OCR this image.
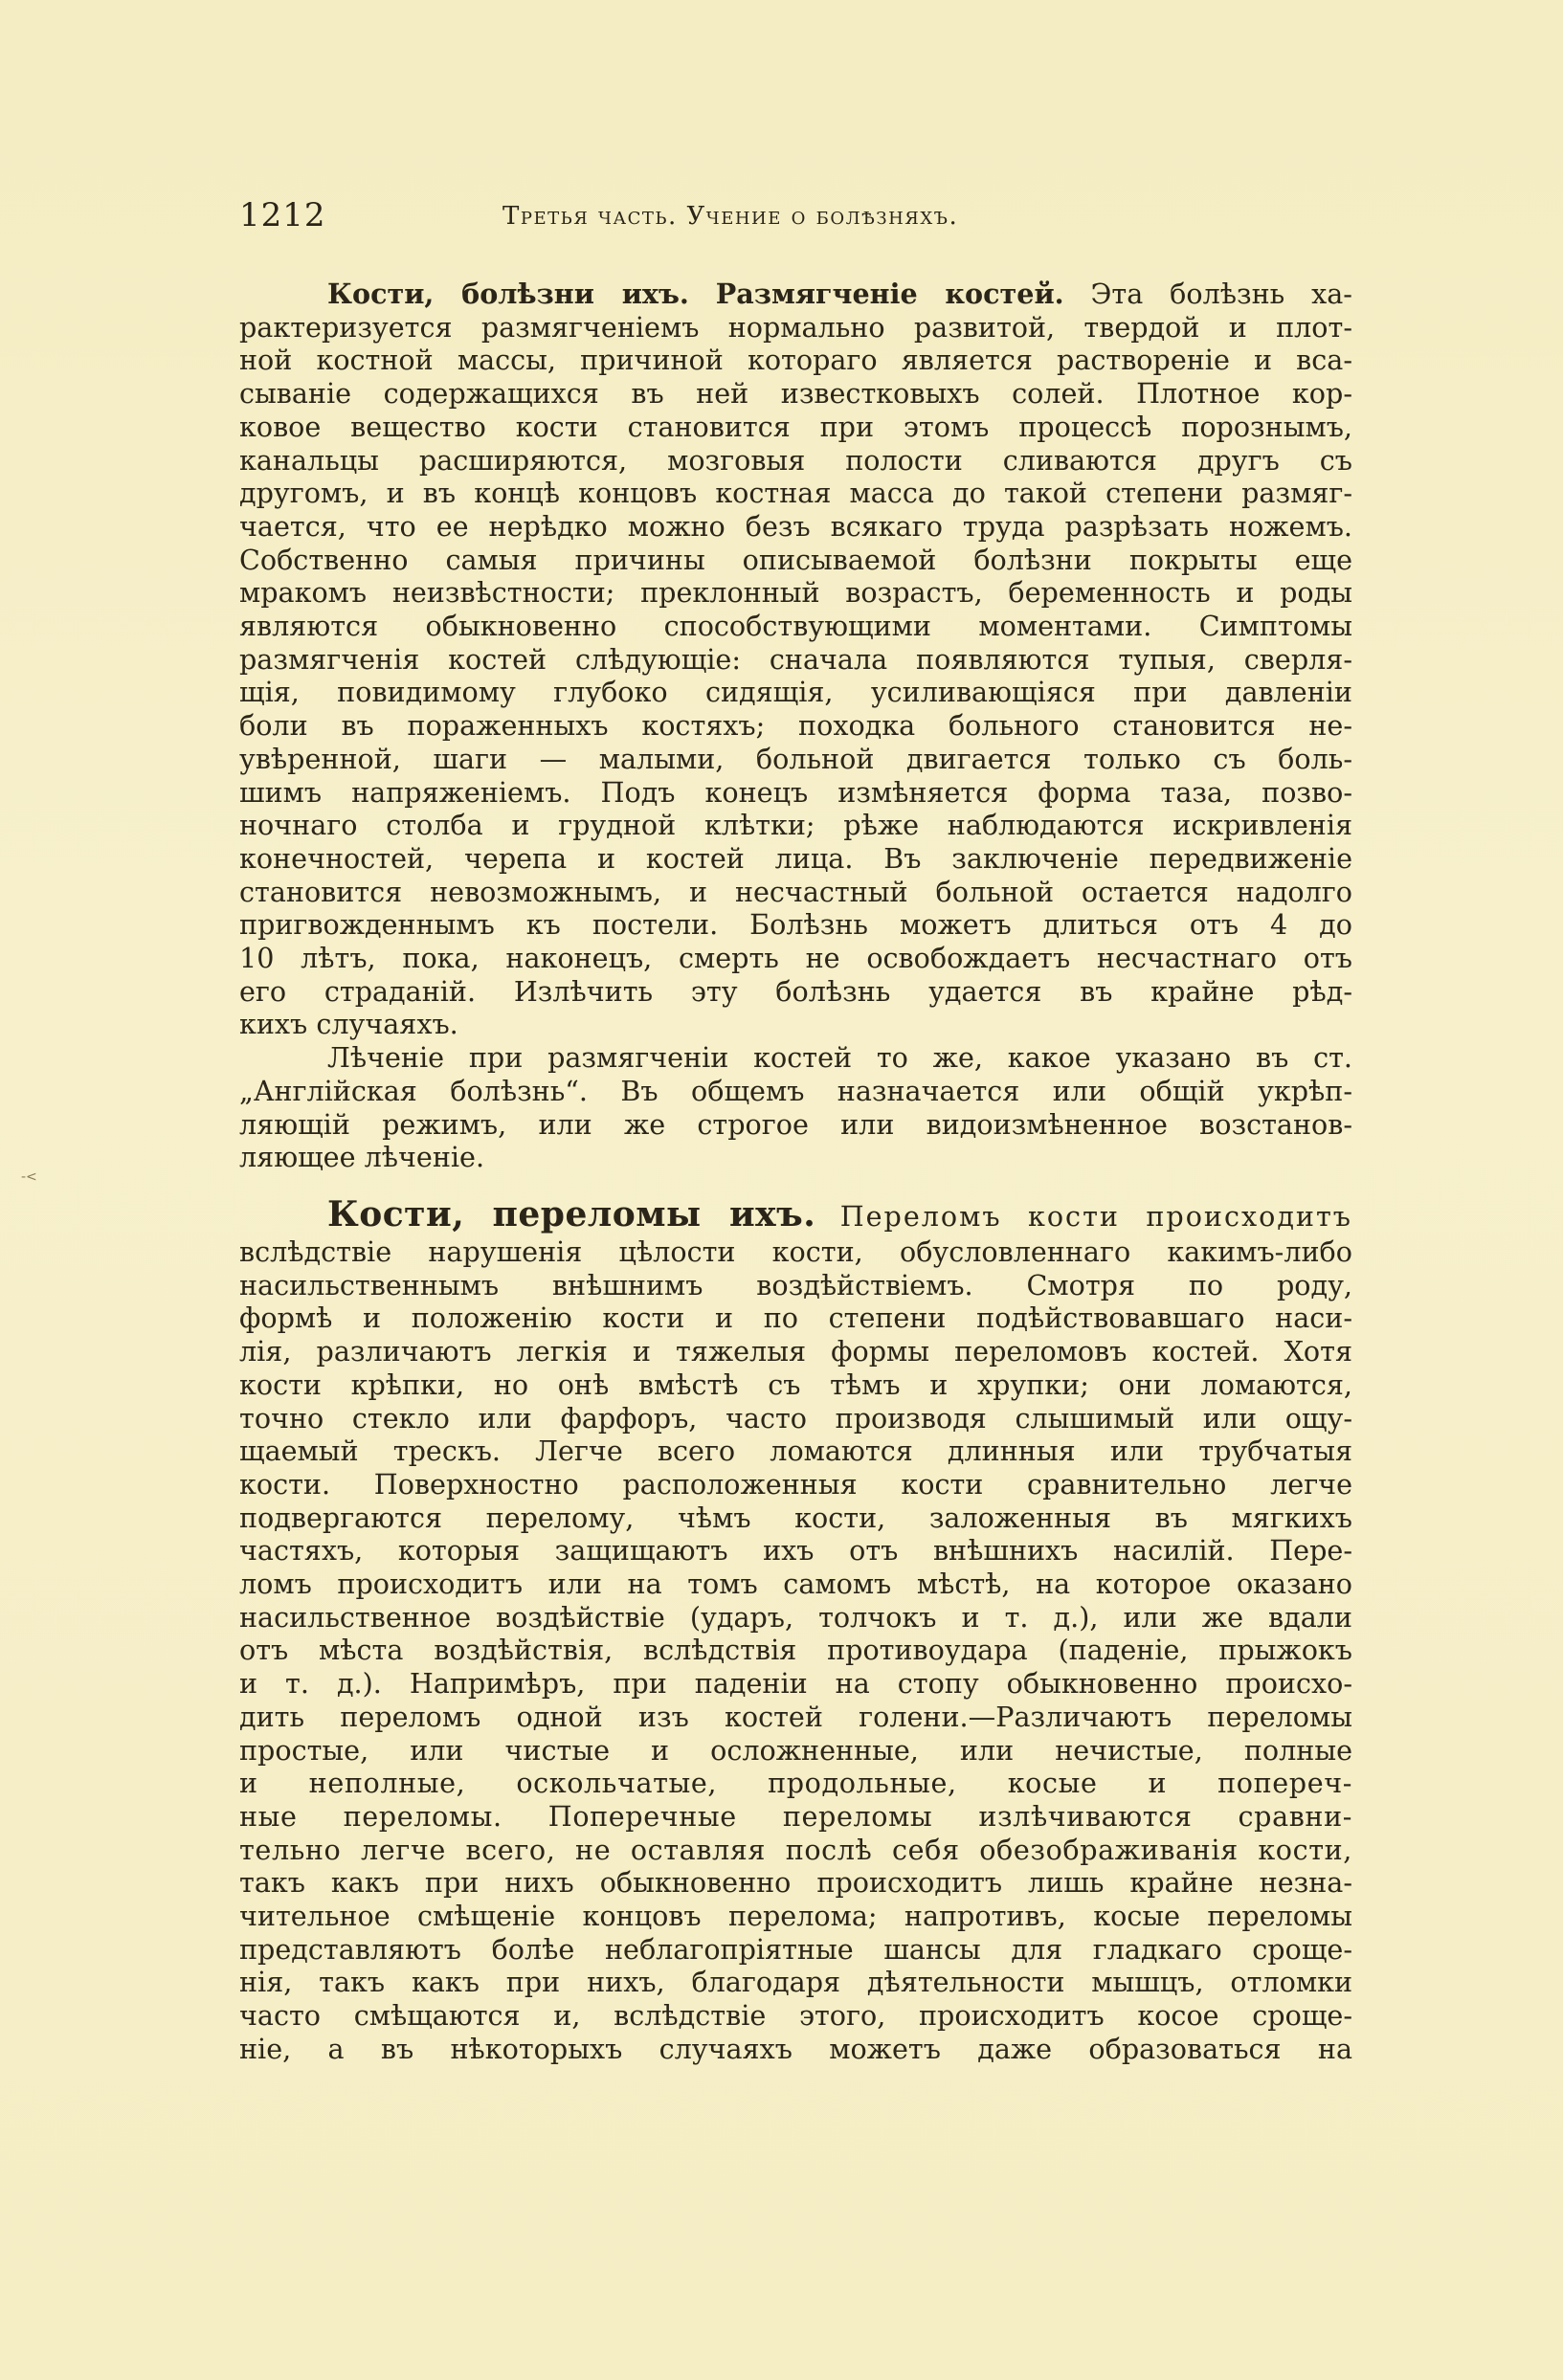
1212	Третья часть. Учение о болѣзняхъ.
-<
Кости, болѣзни ихъ. Размягченіе костей. Эта болѣзнь ха-
рактеризуется размягченіемъ нормально развитой, твердой и плот-
ной костной массы, причиной котораго является раствореніе и вса-
сываніе содержащихся въ ней известковыхъ солей. Плотное кор-
ковое вещество кости становится при этомъ процессѣ порознымъ,
канальцы расширяются, мозговыя полости сливаются другъ съ
другомъ, и въ концѣ концовъ костная масса до такой степени размяг-
чается, что ее нерѣдко можно безъ всякаго труда разрѣзать ножемъ.
Собственно самыя причины описываемой болѣзни покрыты еще
мракомъ неизвѣстности; преклонный возрастъ, беременность и роды
являются обыкновенно способствующими моментами. Симптомы
размягченія костей слѣдующіе: сначала появляются тупыя, сверля-
щія, повидимому глубоко сидящія, усиливающіяся при давленіи
боли въ пораженныхъ костяхъ; походка больного становится не-
увѣренной, шаги — малыми, больной двигается только съ боль-
шимъ напряженіемъ. Подъ конецъ измѣняется форма таза, позво-
ночнаго столба и грудной клѣтки; рѣже наблюдаются искривленія
конечностей, черепа и костей лица. Въ заключеніе передвиженіе
становится невозможнымъ, и несчастный больной остается надолго
пригвожденнымъ къ постели. Болѣзнь можетъ длиться отъ 4 до
10 лѣтъ, пока, наконецъ, смерть не освобождаетъ несчастнаго отъ
его страданій. Излѣчить эту болѣзнь удается въ крайне рѣд-
кихъ случаяхъ.
Лѣченіе при размягченіи костей то же, какое указано въ ст.
„Англійская болѣзнь“. Въ общемъ назначается или общій укрѣп-
ляющій режимъ, или же строгое или видоизмѣненное возстанов-
ляющее лѣченіе.
Кости, переломы ихъ. Переломъ кости происходитъ
вслѣдствіе нарушенія цѣлости кости, обусловленнаго какимъ-либо
насильственнымъ внѣшнимъ воздѣйствіемъ. Смотря по роду,
формѣ и положенію кости и по степени подѣйствовавшаго наси-
лія, различаютъ легкія и тяжелыя формы переломовъ костей. Хотя
кости крѣпки, но онѣ вмѣстѣ съ тѣмъ и хрупки; они ломаются,
точно стекло или фарфоръ, часто производя слышимый или ощу-
щаемый трескъ. Легче всего ломаются длинныя или трубчатыя
кости. Поверхностно расположенныя кости сравнительно легче
подвергаются перелому, чѣмъ кости, заложенныя въ мягкихъ
частяхъ, которыя защищаютъ ихъ отъ внѣшнихъ насилій. Пере-
ломъ происходитъ или на томъ самомъ мѣстѣ, на которое оказано
насильственное воздѣйствіе (ударъ, толчокъ и т. д.), или же вдали
отъ мѣста воздѣйствія, вслѣдствія противоудара (паденіе, прыжокъ
и т. д.). Напримѣръ, при паденіи на стопу обыкновенно происхо-
дить переломъ одной изъ костей голени.—Различаютъ переломы
простые, или чистые и осложненные, или нечистые, полные
и неполные, оскольчатые, продольные, косые и попереч-
ные переломы. Поперечные переломы излѣчиваются сравни-
тельно легче всего, не оставляя послѣ себя обезображиванія кости,
такъ какъ при нихъ обыкновенно происходитъ лишь крайне незна-
чительное смѣщеніе концовъ перелома; напротивъ, косые переломы
представляютъ болѣе неблагопріятные шансы для гладкаго сроще-
нія, такъ какъ при нихъ, благодаря дѣятельности мышцъ, отломки
часто смѣщаются и, вслѣдствіе этого, происходитъ косое сроще-
ніе, а въ нѣкоторыхъ случаяхъ можетъ даже образоваться на
